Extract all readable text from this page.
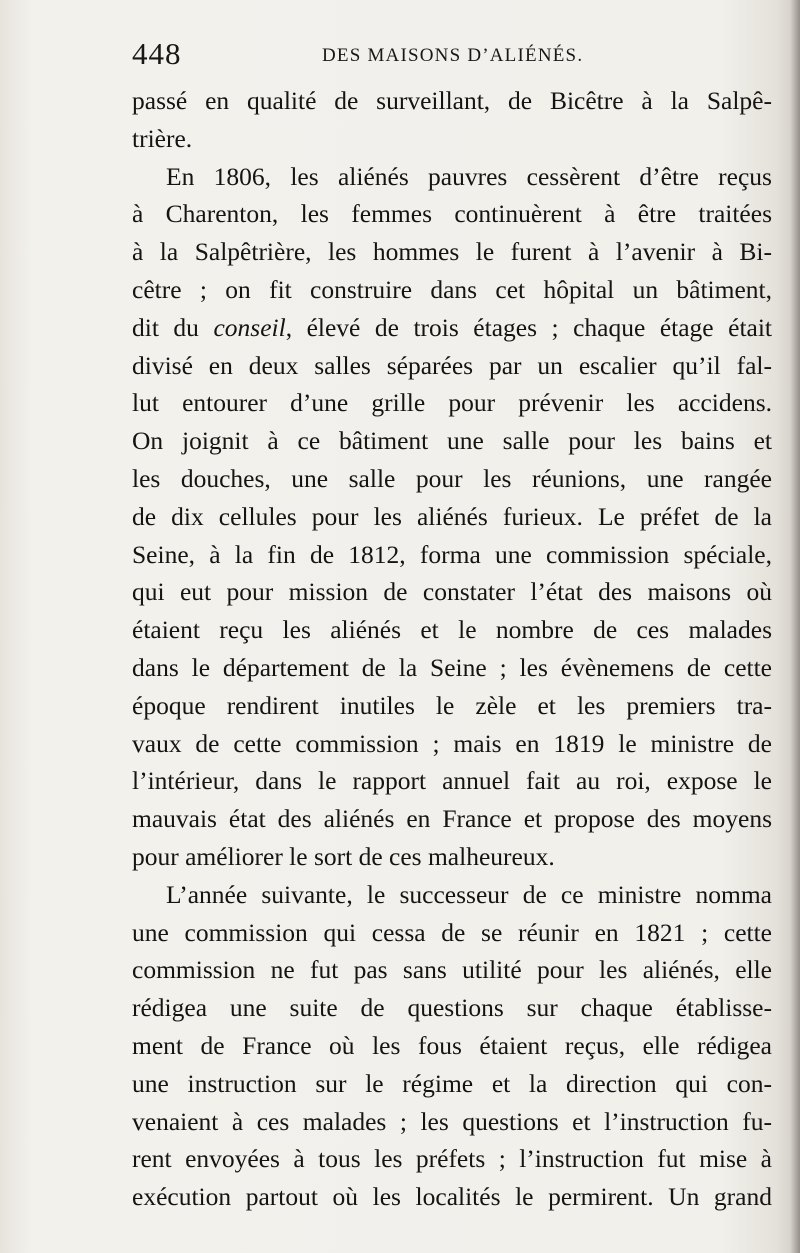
448	DES MAISONS D’ALIÉNÉS.
passé en qualité de surveillant, de Bicêtre à la Salpê-
trière.
En 1806, les aliénés pauvres cessèrent d’être reçus
à Charenton, les femmes continuèrent à être traitées
à la Salpêtrière, les hommes le furent à l’avenir à Bi-
cêtre ; on fit construire dans cet hôpital un bâtiment,
dit du conseil, élevé de trois étages ; chaque étage était
divisé en deux salles séparées par un escalier qu’il fal-
lut entourer d’une grille pour prévenir les accidens.
On joignit à ce bâtiment une salle pour les bains et
les douches, une salle pour les réunions, une rangée
de dix cellules pour les aliénés furieux. Le préfet de la
Seine, à la fin de 1812, forma une commission spéciale,
qui eut pour mission de constater l’état des maisons où
étaient reçu les aliénés et le nombre de ces malades
dans le département de la Seine ; les évènemens de cette
époque rendirent inutiles le zèle et les premiers tra-
vaux de cette commission ; mais en 1819 le ministre de
l’intérieur, dans le rapport annuel fait au roi, expose le
mauvais état des aliénés en France et propose des moyens
pour améliorer le sort de ces malheureux.
L’année suivante, le successeur de ce ministre nomma
une commission qui cessa de se réunir en 1821 ; cette
commission ne fut pas sans utilité pour les aliénés, elle
rédigea une suite de questions sur chaque établisse-
ment de France où les fous étaient reçus, elle rédigea
une instruction sur le régime et la direction qui con-
venaient à ces malades ; les questions et l’instruction fu-
rent envoyées à tous les préfets ; l’instruction fut mise à
exécution partout où les localités le permirent. Un grand
